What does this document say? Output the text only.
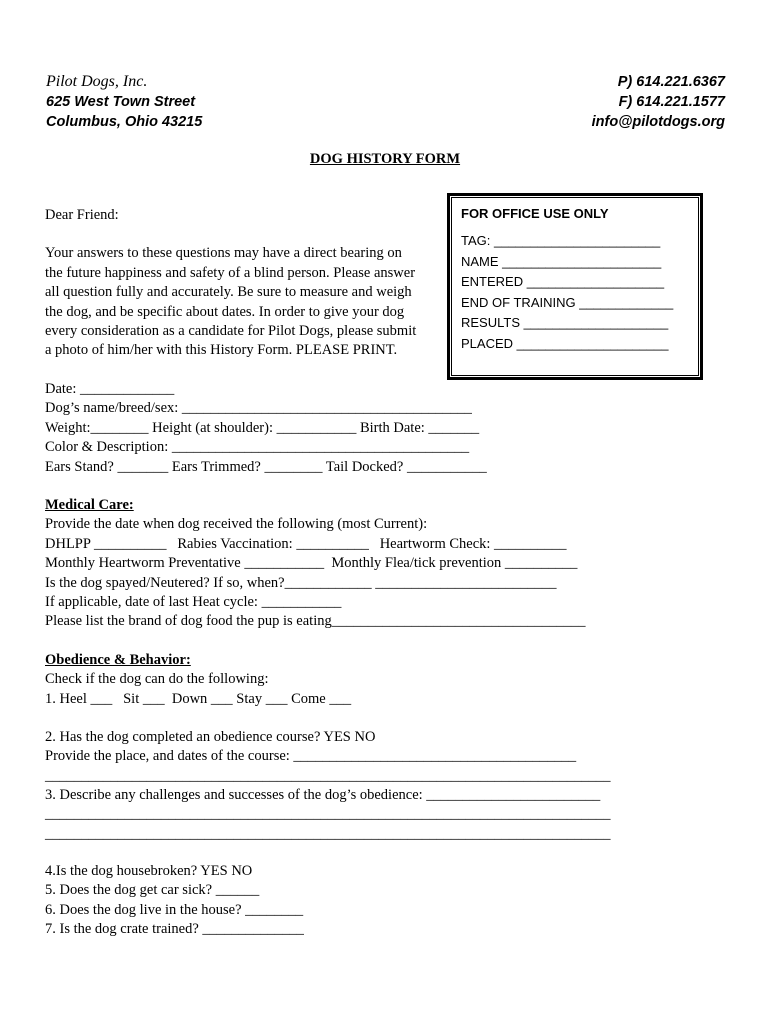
Pilot Dogs, Inc.
625 West Town Street
Columbus, Ohio 43215
P) 614.221.6367
F) 614.221.1577
info@pilotdogs.org
DOG HISTORY FORM

Dear Friend:

Your answers to these questions may have a direct bearing on

the future happiness and safety of a blind person. Please answer

all question fully and accurately. Be sure to measure and weigh

the dog, and be specific about dates. In order to give your dog

every consideration as a candidate for Pilot Dogs, please submit

a photo of him/her with this History Form. PLEASE PRINT.

FOR OFFICE USE ONLY
TAG: _______________________
NAME ______________________
ENTERED ___________________
END OF TRAINING _____________
RESULTS ____________________
PLACED _____________________
Date: _____________
Dog’s name/breed/sex: ________________________________________
Weight:________ Height (at shoulder): ___________ Birth Date: _______
Color & Description: _________________________________________
Ears Stand? _______ Ears Trimmed? ________ Tail Docked? ___________
Medical Care:
Provide the date when dog received the following (most Current):
DHLPP __________   Rabies Vaccination: __________   Heartworm Check: __________
Monthly Heartworm Preventative ___________  Monthly Flea/tick prevention __________
Is the dog spayed/Neutered? If so, when?____________ _________________________
If applicable, date of last Heat cycle: ___________
Please list the brand of dog food the pup is eating___________________________________
Obedience & Behavior:
Check if the dog can do the following:
1. Heel ___   Sit ___  Down ___ Stay ___ Come ___
2. Has the dog completed an obedience course? YES NO
Provide the place, and dates of the course: _______________________________________
______________________________________________________________________________
3. Describe any challenges and successes of the dog’s obedience: ________________________
______________________________________________________________________________
______________________________________________________________________________
4.Is the dog housebroken? YES NO
5. Does the dog get car sick? ______
6. Does the dog live in the house? ________
7. Is the dog crate trained? ______________
